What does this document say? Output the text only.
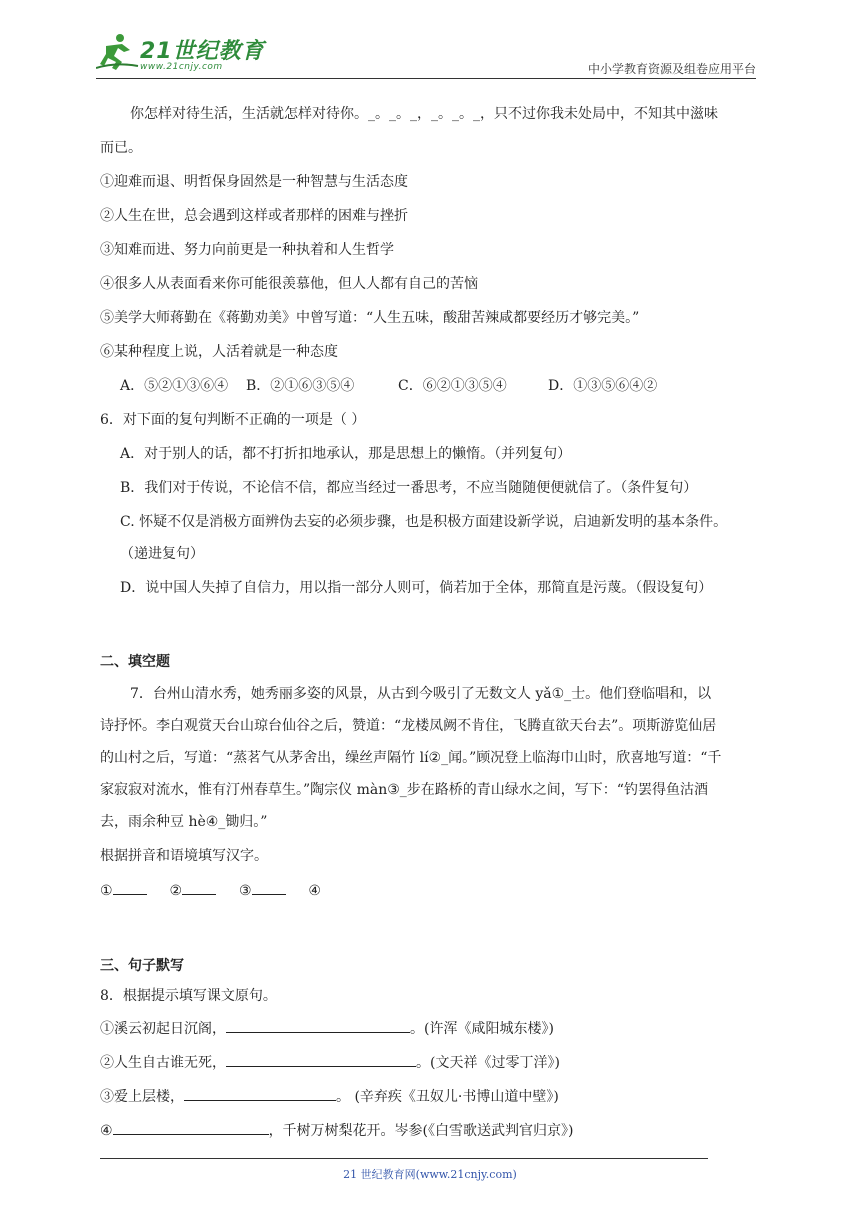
21世纪教育
www.21cnjy.com	中小学教育资源及组卷应用平台
你怎样对待生活，生活就怎样对待你。_。_。_，_。_。_，只不过你我未处局中，不知其中滋味
而已。
①迎难而退、明哲保身固然是一种智慧与生活态度
②人生在世，总会遇到这样或者那样的困难与挫折
③知难而进、努力向前更是一种执着和人生哲学
④很多人从表面看来你可能很羡慕他，但人人都有自己的苦恼
⑤美学大师蒋勤在《蒋勤劝美》中曾写道：“人生五味，酸甜苦辣咸都要经历才够完美。”
⑥某种程度上说，人活着就是一种态度
A．⑤②①③⑥④ B．②①⑥③⑤④	C．⑥②①③⑤④	D．①③⑤⑥④②
6．对下面的复句判断不正确的一项是（ ）
A．对于别人的话，都不打折扣地承认，那是思想上的懒惰。（并列复句）
B．我们对于传说，不论信不信，都应当经过一番思考，不应当随随便便就信了。（条件复句）
C. 怀疑不仅是消极方面辨伪去妄的必须步骤，也是积极方面建设新学说，启迪新发明的基本条件。
（递进复句）
D．说中国人失掉了自信力，用以指一部分人则可，倘若加于全体，那简直是污蔑。（假设复句）
二、填空题
7．台州山清水秀，她秀丽多姿的风景，从古到今吸引了无数文人 yǎ①_士。他们登临唱和，以
诗抒怀。李白观赏天台山琼台仙谷之后，赞道：“龙楼凤阙不肯住，飞腾直欲天台去”。项斯游览仙居
的山村之后，写道：“蒸茗气从茅舍出，缲丝声隔竹 lí②_闻。”顾况登上临海巾山时，欣喜地写道：“千
家寂寂对流水，惟有汀州春草生。”陶宗仪 màn③_步在路桥的青山绿水之间，写下：“钓罢得鱼沽酒
去，雨余种豆 hè④_锄归。”
根据拼音和语境填写汉字。
①	②	③	④
三、句子默写
8．根据提示填写课文原句。
①溪云初起日沉阁，	。(许浑《咸阳城东楼》)
②人生自古谁无死，	。(文天祥《过零丁洋》)
③爱上层楼，	。 (辛弃疾《丑奴儿·书博山道中壁》)
④	，千树万树梨花开。岑参(《白雪歌送武判官归京》)
21 世纪教育网(www.21cnjy.com)
